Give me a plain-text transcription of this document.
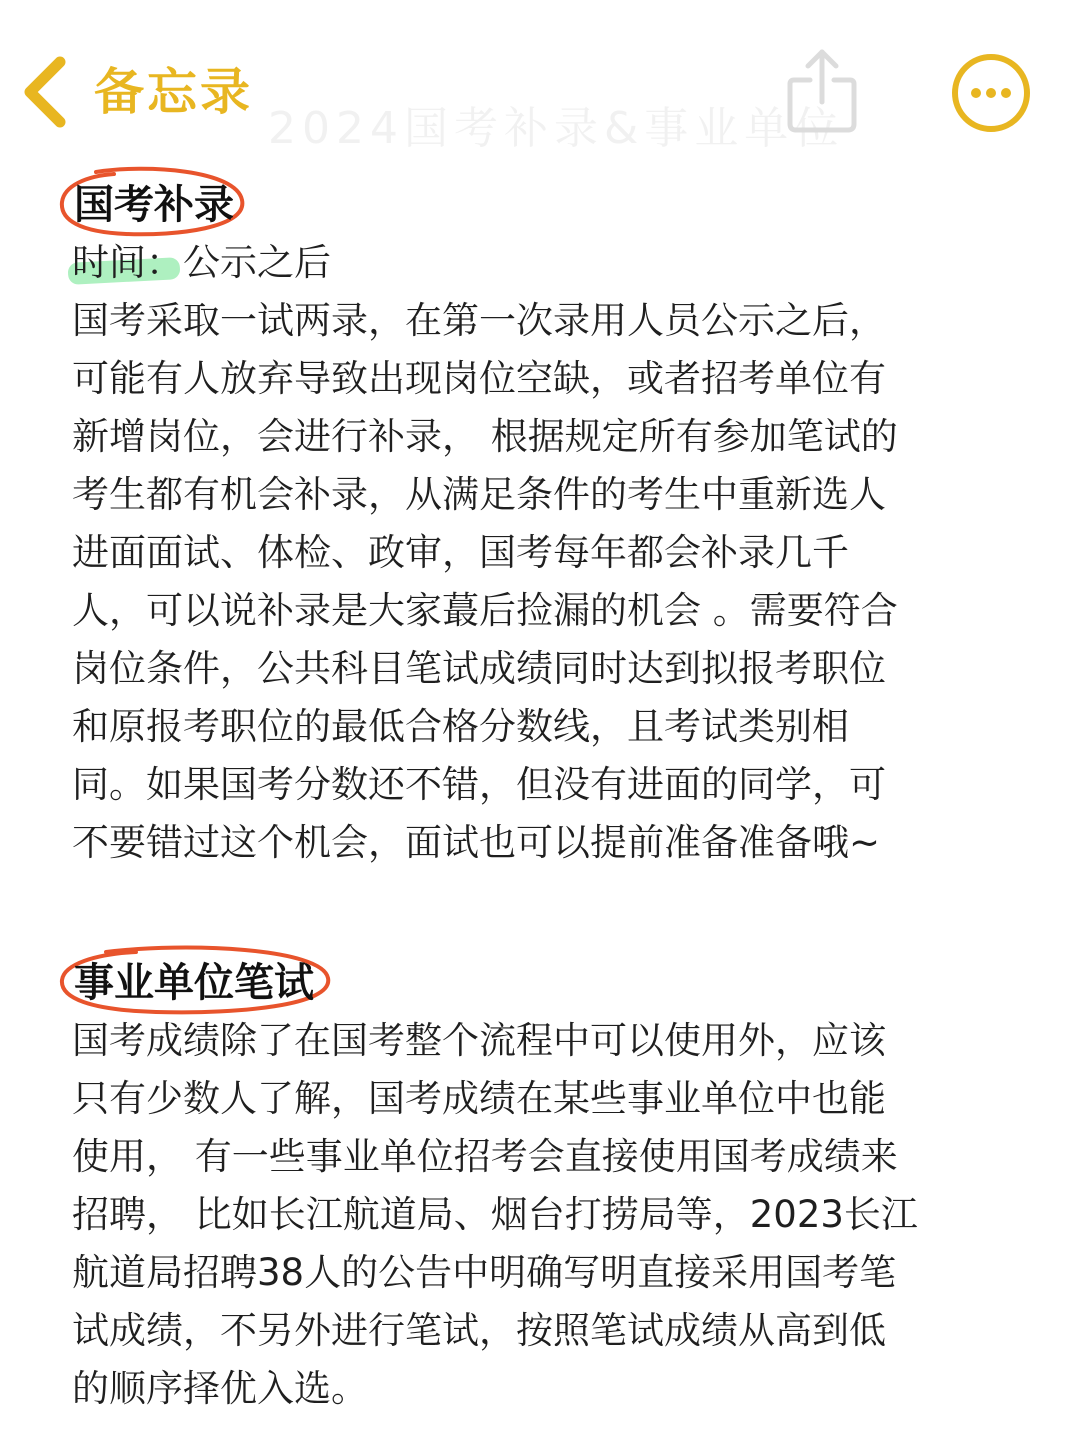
2024国考补录&事业单位
备忘录
国考补录
时间：公示之后

国考采取一试两录，在第一次录用人员公示之后，
可能有人放弃导致出现岗位空缺，或者招考单位有
新增岗位，会进行补录， 根据规定所有参加笔试的
考生都有机会补录，从满足条件的考生中重新选人
进面面试、体检、政审，国考每年都会补录几千
人，可以说补录是大家蕞后捡漏的机会 。需要符合
岗位条件，公共科目笔试成绩同时达到拟报考职位
和原报考职位的最低合格分数线，且考试类别相
同。如果国考分数还不错，但没有进面的同学，可
不要错过这个机会，面试也可以提前准备准备哦~

事业单位笔试

国考成绩除了在国考整个流程中可以使用外，应该
只有少数人了解，国考成绩在某些事业单位中也能
使用， 有一些事业单位招考会直接使用国考成绩来
招聘， 比如长江航道局、烟台打捞局等，2023长江
航道局招聘38人的公告中明确写明直接采用国考笔
试成绩，不另外进行笔试，按照笔试成绩从高到低
的顺序择优入选。
